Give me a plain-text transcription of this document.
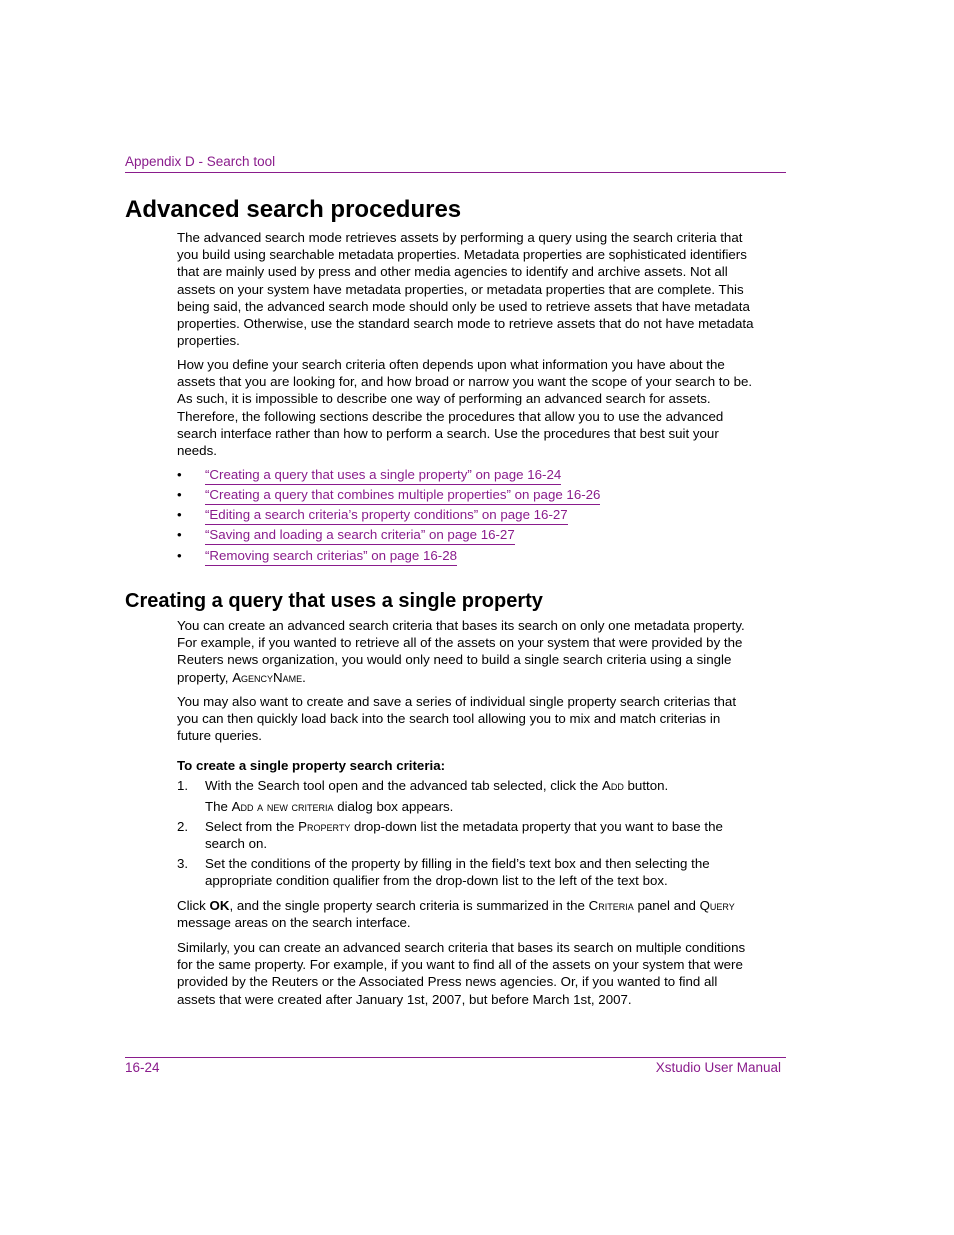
Appendix D - Search tool
Advanced search procedures

The advanced search mode retrieves assets by performing a query using the search criteria that you build using searchable metadata properties. Metadata properties are sophisticated identifiers that are mainly used by press and other media agencies to identify and archive assets. Not all assets on your system have metadata properties, or metadata properties that are complete. This being said, the advanced search mode should only be used to retrieve assets that have metadata properties. Otherwise, use the standard search mode to retrieve assets that do not have metadata properties.

How you define your search criteria often depends upon what information you have about the assets that you are looking for, and how broad or narrow you want the scope of your search to be. As such, it is impossible to describe one way of performing an advanced search for assets. Therefore, the following sections describe the procedures that allow you to use the advanced search interface rather than how to perform a search. Use the procedures that best suit your needs.

•	“Creating a query that uses a single property” on page 16-24
•	“Creating a query that combines multiple properties” on page 16-26
•	“Editing a search criteria’s property conditions” on page 16-27
•	“Saving and loading a search criteria” on page 16-27
•	“Removing search criterias” on page 16-28
Creating a query that uses a single property

You can create an advanced search criteria that bases its search on only one metadata property. For example, if you wanted to retrieve all of the assets on your system that were provided by the Reuters news organization, you would only need to build a single search criteria using a single property, AgencyName.

You may also want to create and save a series of individual single property search criterias that you can then quickly load back into the search tool allowing you to mix and match criterias in future queries.

To create a single property search criteria:
1. With the Search tool open and the advanced tab selected, click the Add button.
The Add a new criteria dialog box appears.
2. Select from the Property drop-down list the metadata property that you want to base the search on.
3. Set the conditions of the property by filling in the field’s text box and then selecting the appropriate condition qualifier from the drop-down list to the left of the text box.

Click OK, and the single property search criteria is summarized in the Criteria panel and Query message areas on the search interface.

Similarly, you can create an advanced search criteria that bases its search on multiple conditions for the same property. For example, if you want to find all of the assets on your system that were provided by the Reuters or the Associated Press news agencies. Or, if you wanted to find all assets that were created after January 1st, 2007, but before March 1st, 2007.

16-24	Xstudio User Manual
